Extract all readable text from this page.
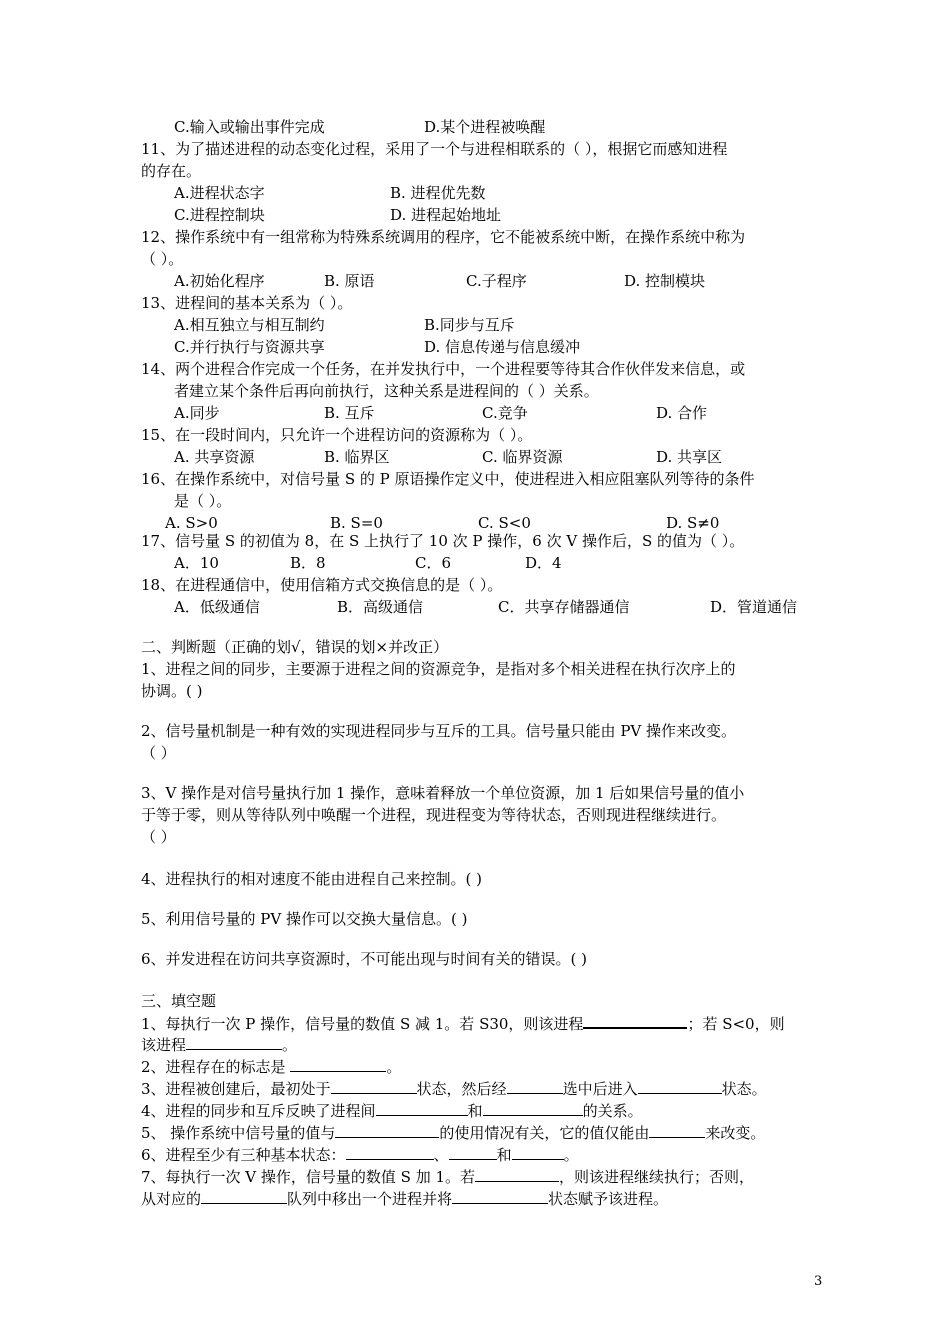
C.输入或输出事件完成	D.某个进程被唤醒
11、为了描述进程的动态变化过程，采用了一个与进程相联系的（ ），根据它而感知进程
的存在。
A.进程状态字	B. 进程优先数
C.进程控制块	D. 进程起始地址
12、操作系统中有一组常称为特殊系统调用的程序，它不能被系统中断，在操作系统中称为
（ ）。
A.初始化程序	B. 原语	C.子程序	D. 控制模块
13、进程间的基本关系为（ ）。
A.相互独立与相互制约	B.同步与互斥
C.并行执行与资源共享	D. 信息传递与信息缓冲
14、两个进程合作完成一个任务，在并发执行中，一个进程要等待其合作伙伴发来信息，或
者建立某个条件后再向前执行，这种关系是进程间的（ ）关系。
A.同步	B. 互斥	C.竞争	D. 合作
15、在一段时间内，只允许一个进程访问的资源称为（ ）。
A. 共享资源	B. 临界区	C. 临界资源	D. 共享区
16、在操作系统中，对信号量 S 的 P 原语操作定义中，使进程进入相应阻塞队列等待的条件
是（ ）。
A. S>0	B. S=0	C. S<0	D. S≠0
17、信号量 S 的初值为 8，在 S 上执行了 10 次 P 操作，6 次 V 操作后，S 的值为（ ）。
A．10	B．8	C．6	D．4
18、在进程通信中，使用信箱方式交换信息的是（ ）。
A．低级通信	B．高级通信	C．共享存储器通信	D．管道通信
二、判断题（正确的划√，错误的划×并改正）
1、进程之间的同步，主要源于进程之间的资源竞争，是指对多个相关进程在执行次序上的
协调。( )
2、信号量机制是一种有效的实现进程同步与互斥的工具。信号量只能由 PV 操作来改变。
（ ）
3、V 操作是对信号量执行加 1 操作，意味着释放一个单位资源，加 1 后如果信号量的值小
于等于零，则从等待队列中唤醒一个进程，现进程变为等待状态，否则现进程继续进行。
（ ）
4、进程执行的相对速度不能由进程自己来控制。( )
5、利用信号量的 PV 操作可以交换大量信息。( )
6、并发进程在访问共享资源时，不可能出现与时间有关的错误。( )
三、填空题
1、每执行一次 P 操作，信号量的数值 S 减 1。若 S30，则该进程	；若 S<0，则
该进程	。
2、进程存在的标志是	。
3、进程被创建后，最初处于	状态，然后经	选中后进入	状态。
4、进程的同步和互斥反映了进程间	和	的关系。
5、 操作系统中信号量的值与	的使用情况有关，它的值仅能由	来改变。
6、进程至少有三种基本状态：	、	和	。
7、每执行一次 V 操作，信号量的数值 S 加 1。若	，则该进程继续执行；否则，
从对应的	队列中移出一个进程并将	状态赋予该进程。
3
